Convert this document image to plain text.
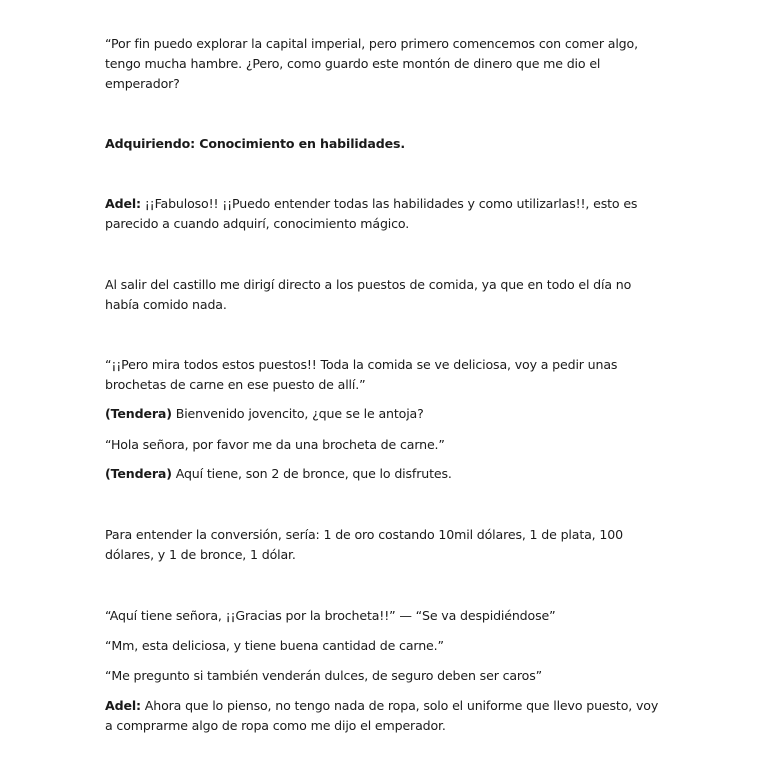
“Por fin puedo explorar la capital imperial, pero primero comencemos con comer algo, tengo mucha hambre. ¿Pero, como guardo este montón de dinero que me dio el emperador?

Adquiriendo: Conocimiento en habilidades.

Adel: ¡¡Fabuloso!! ¡¡Puedo entender todas las habilidades y como utilizarlas!!, esto es parecido a cuando adquirí, conocimiento mágico.

Al salir del castillo me dirigí directo a los puestos de comida, ya que en todo el día no había comido nada.

“¡¡Pero mira todos estos puestos!! Toda la comida se ve deliciosa, voy a pedir unas brochetas de carne en ese puesto de allí.”

(Tendera) Bienvenido jovencito, ¿que se le antoja?

“Hola señora, por favor me da una brocheta de carne.”

(Tendera) Aquí tiene, son 2 de bronce, que lo disfrutes.

Para entender la conversión, sería: 1 de oro costando 10mil dólares, 1 de plata, 100 dólares, y 1 de bronce, 1 dólar.

“Aquí tiene señora, ¡¡Gracias por la brocheta!!” — “Se va despidiéndose”

“Mm, esta deliciosa, y tiene buena cantidad de carne.”

“Me pregunto si también venderán dulces, de seguro deben ser caros”

Adel: Ahora que lo pienso, no tengo nada de ropa, solo el uniforme que llevo puesto, voy a comprarme algo de ropa como me dijo el emperador.
